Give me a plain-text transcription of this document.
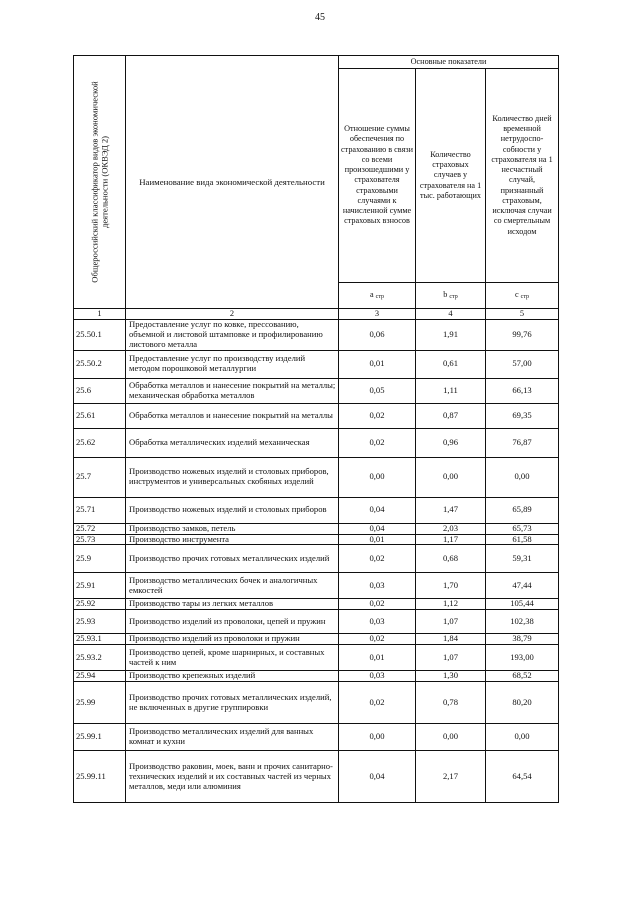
45
Общероссийский классификатор видов экономической деятельности (ОКВЭД 2)	Наименование вида экономической деятельности	Основные показатели		
		Отношение суммы обеспечения по страхованию в связи со всеми произошедшими у страхователя страховыми случаями к начисленной сумме страховых взносов	Количество страховых случаев у страхователя на 1 тыс. работающих	Количество дней временной нетрудоспо-собности у страхователя на 1 несчастный случай, признанный страховым, исключая случаи со смертельным исходом
		a стр	b стр	c стр
1	2	3	4	5
25.50.1	Предоставление услуг по ковке, прессованию, объемной и листовой штамповке и профилированию листового металла	0,06	1,91	99,76
25.50.2	Предоставление услуг по производству изделий методом порошковой металлургии	0,01	0,61	57,00
25.6	Обработка металлов и нанесение покрытий на металлы; механическая обработка металлов	0,05	1,11	66,13
25.61	Обработка металлов и нанесение покрытий на металлы	0,02	0,87	69,35
25.62	Обработка металлических изделий механическая	0,02	0,96	76,87
25.7	Производство ножевых изделий и столовых приборов, инструментов и универсальных скобяных изделий	0,00	0,00	0,00
25.71	Производство ножевых изделий и столовых приборов	0,04	1,47	65,89
25.72	Производство замков, петель	0,04	2,03	65,73
25.73	Производство инструмента	0,01	1,17	61,58
25.9	Производство прочих готовых металлических изделий	0,02	0,68	59,31
25.91	Производство металлических бочек и аналогичных емкостей	0,03	1,70	47,44
25.92	Производство тары из легких металлов	0,02	1,12	105,44
25.93	Производство изделий из проволоки, цепей и пружин	0,03	1,07	102,38
25.93.1	Производство изделий из проволоки и пружин	0,02	1,84	38,79
25.93.2	Производство цепей, кроме шарнирных, и составных частей к ним	0,01	1,07	193,00
25.94	Производство крепежных изделий	0,03	1,30	68,52
25.99	Производство прочих готовых металлических изделий, не включенных в другие группировки	0,02	0,78	80,20
25.99.1	Производство металлических изделий для ванных комнат и кухни	0,00	0,00	0,00
25.99.11	Производство раковин, моек, ванн и прочих санитарно-технических изделий и их составных частей из черных металлов, меди или алюминия	0,04	2,17	64,54
